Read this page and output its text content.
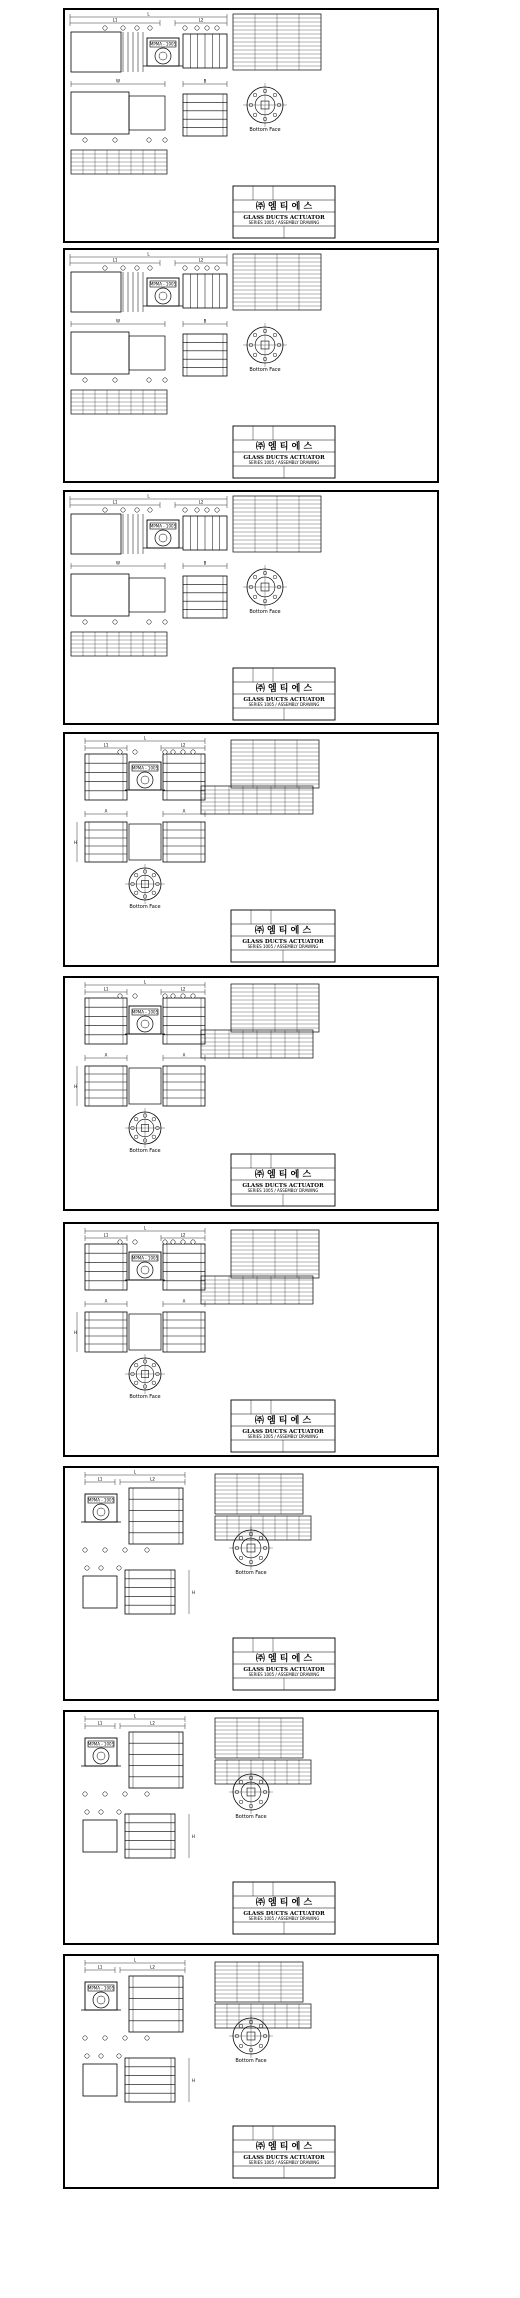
L
L1	L2
MPMA - 1005
W	B
Bottom Face
㈜ 엠 티 에 스
GLASS DUCTS ACTUATOR
SERIES 1005 / ASSEMBLY DRAWING
L
L1	L2
MPMA - 1005
W	B
Bottom Face
㈜ 엠 티 에 스
GLASS DUCTS ACTUATOR
SERIES 1005 / ASSEMBLY DRAWING
L
L1	L2
MPMA - 1005
W	B
Bottom Face
㈜ 엠 티 에 스
GLASS DUCTS ACTUATOR
SERIES 1005 / ASSEMBLY DRAWING
L
L1	L2
MPMA - 1005
A	A
H
Bottom Face
㈜ 엠 티 에 스
GLASS DUCTS ACTUATOR
SERIES 1005 / ASSEMBLY DRAWING
L
L1	L2
MPMA - 1005
A	A
H
Bottom Face
㈜ 엠 티 에 스
GLASS DUCTS ACTUATOR
SERIES 1005 / ASSEMBLY DRAWING
L
L1	L2
MPMA - 1005
A	A
H
Bottom Face
㈜ 엠 티 에 스
GLASS DUCTS ACTUATOR
SERIES 1005 / ASSEMBLY DRAWING
L
L1	L2
MPMA - 1005
H
Bottom Face
㈜ 엠 티 에 스
GLASS DUCTS ACTUATOR
SERIES 1005 / ASSEMBLY DRAWING
L
L1	L2
MPMA - 1005
H
Bottom Face
㈜ 엠 티 에 스
GLASS DUCTS ACTUATOR
SERIES 1005 / ASSEMBLY DRAWING
L
L1	L2
MPMA - 1005
H
Bottom Face
㈜ 엠 티 에 스
GLASS DUCTS ACTUATOR
SERIES 1005 / ASSEMBLY DRAWING
